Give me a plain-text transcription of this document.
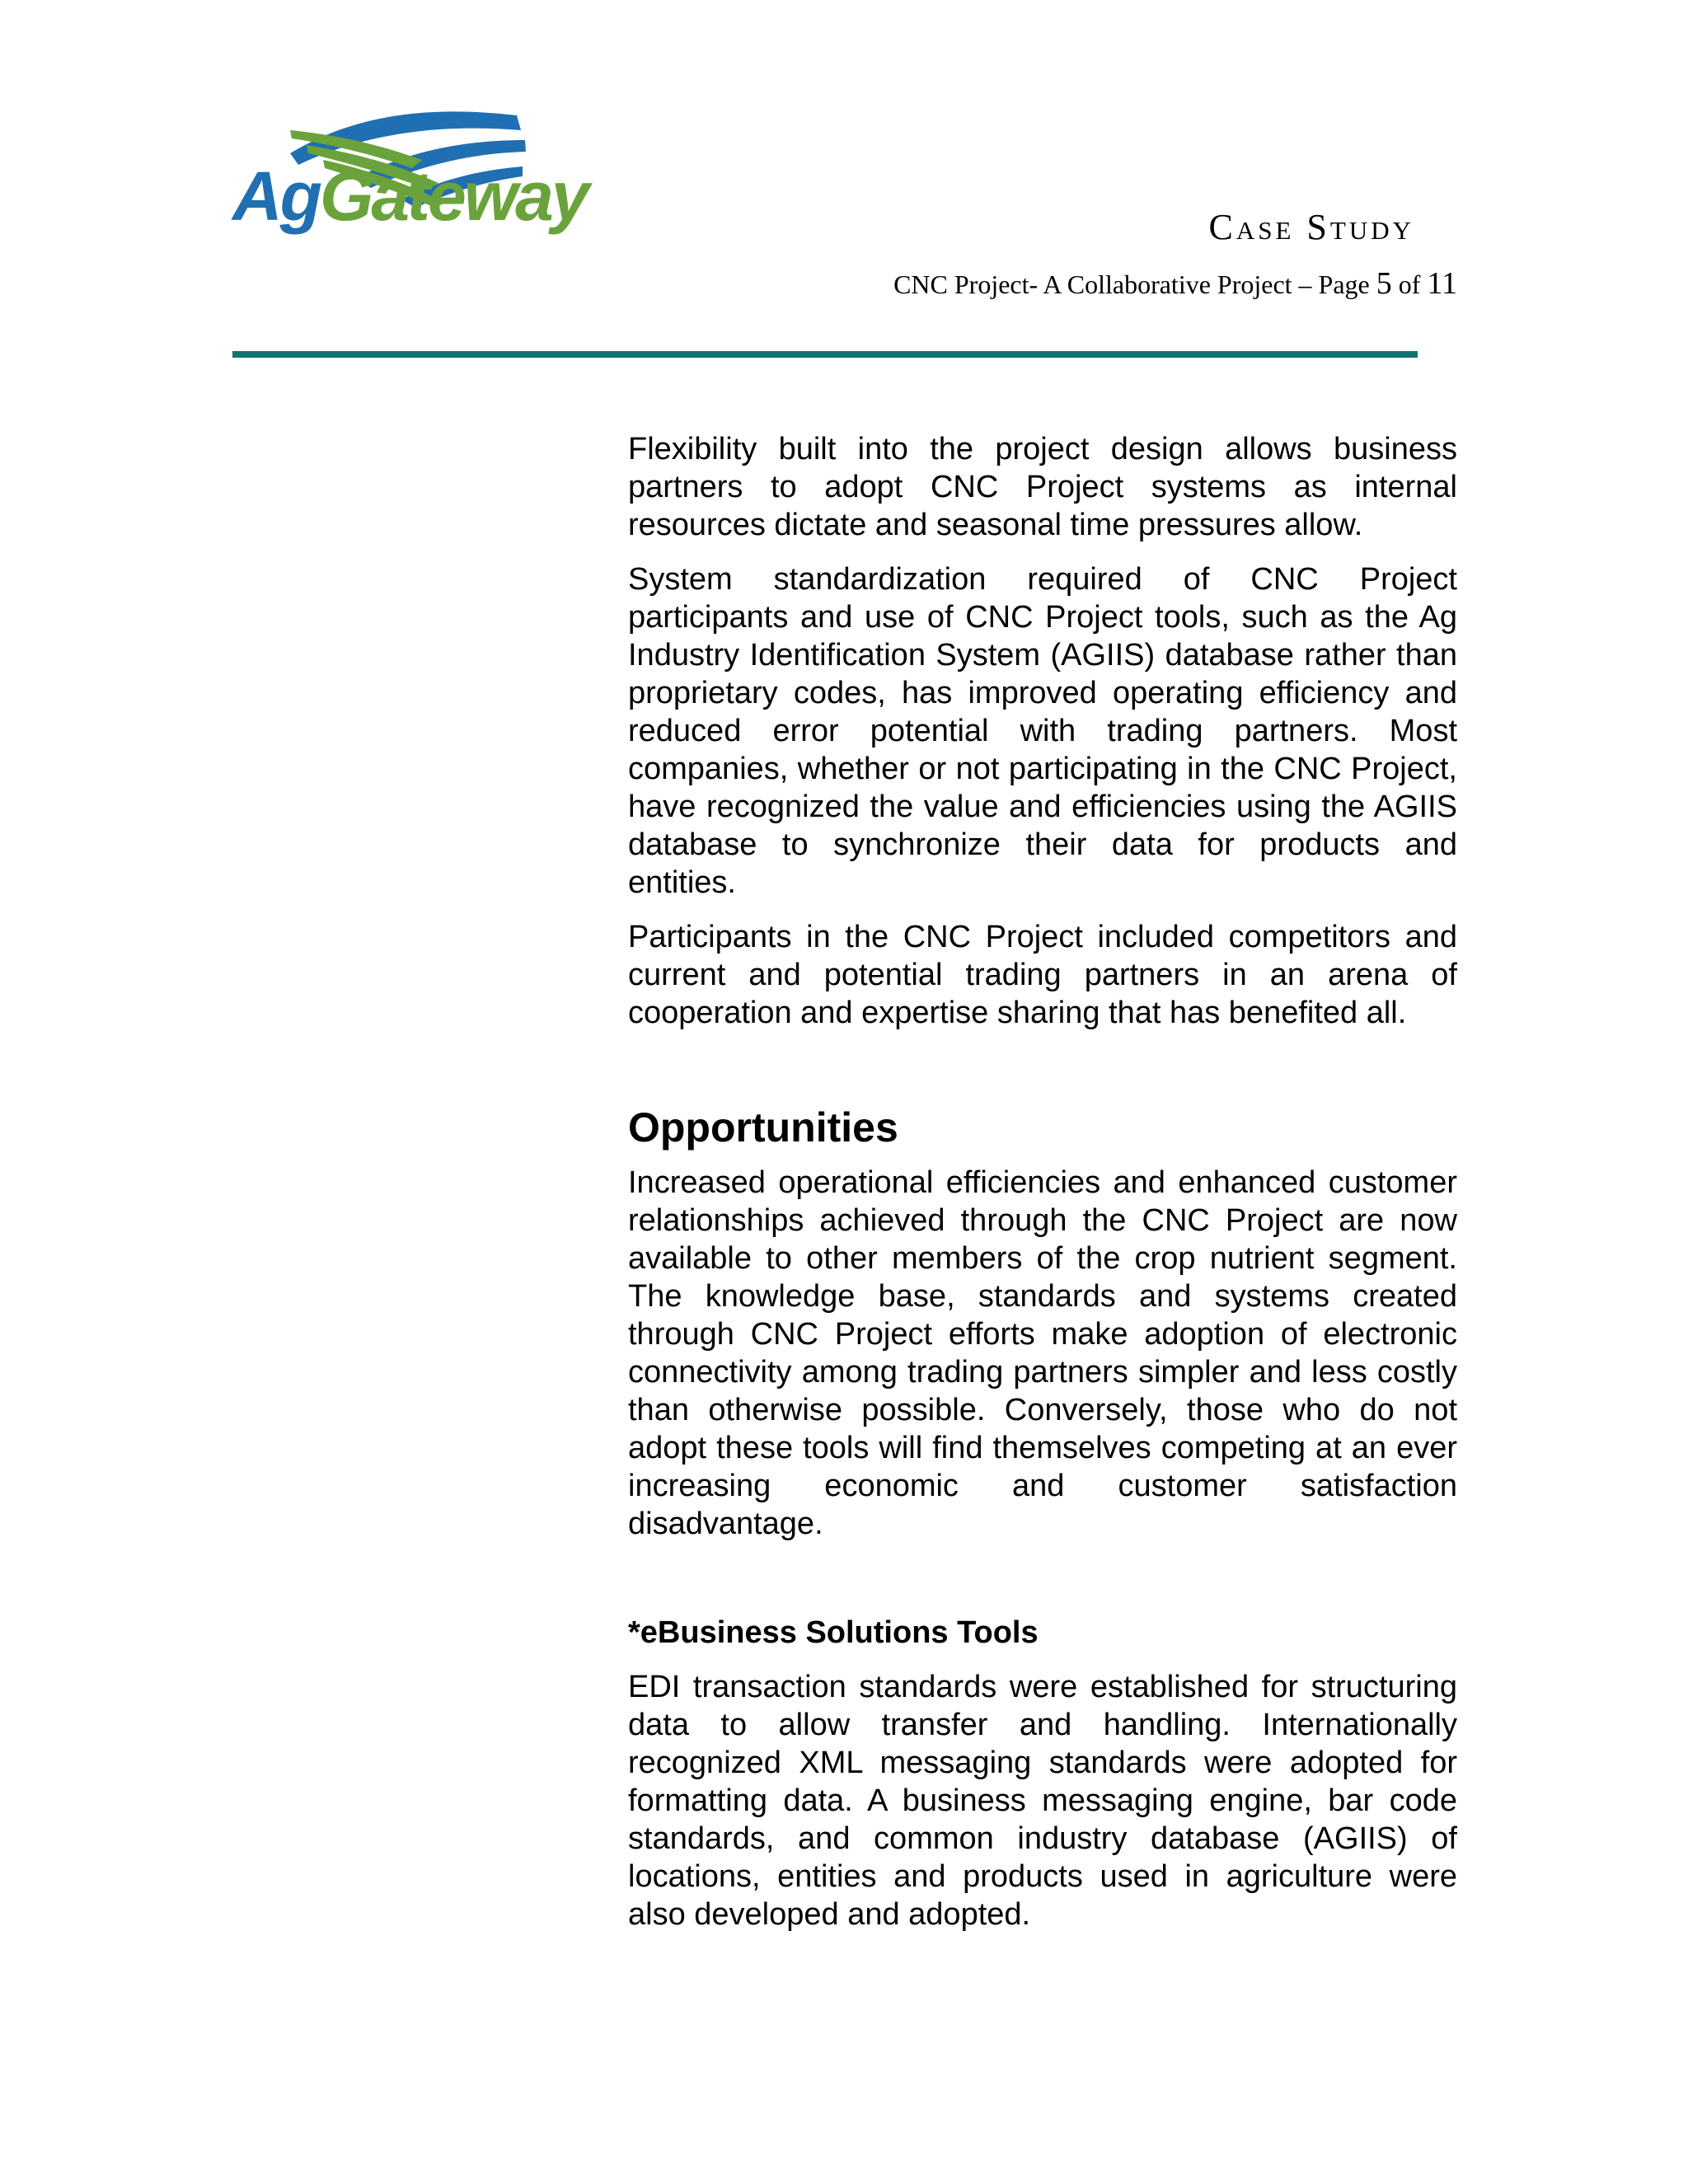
AgGateway	Case Study
CNC Project- A Collaborative Project – Page 5 of 11

Flexibility built into the project design allows business partners to adopt CNC Project systems as internal resources dictate and seasonal time pressures allow.

System standardization required of CNC Project participants and use of CNC Project tools, such as the Ag Industry Identification System (AGIIS) database rather than proprietary codes, has improved operating efficiency and reduced error potential with trading partners. Most companies, whether or not participating in the CNC Project, have recognized the value and efficiencies using the AGIIS database to synchronize their data for products and entities.

Participants in the CNC Project included competitors and current and potential trading partners in an arena of cooperation and expertise sharing that has benefited all.

Opportunities

Increased operational efficiencies and enhanced customer relationships achieved through the CNC Project are now available to other members of the crop nutrient segment. The knowledge base, standards and systems created through CNC Project efforts make adoption of electronic connectivity among trading partners simpler and less costly than otherwise possible. Conversely, those who do not adopt these tools will find themselves competing at an ever increasing economic and customer satisfaction disadvantage.

*eBusiness Solutions Tools

EDI transaction standards were established for structuring data to allow transfer and handling. Internationally recognized XML messaging standards were adopted for formatting data. A business messaging engine, bar code standards, and common industry database (AGIIS) of locations, entities and products used in agriculture were also developed and adopted.
